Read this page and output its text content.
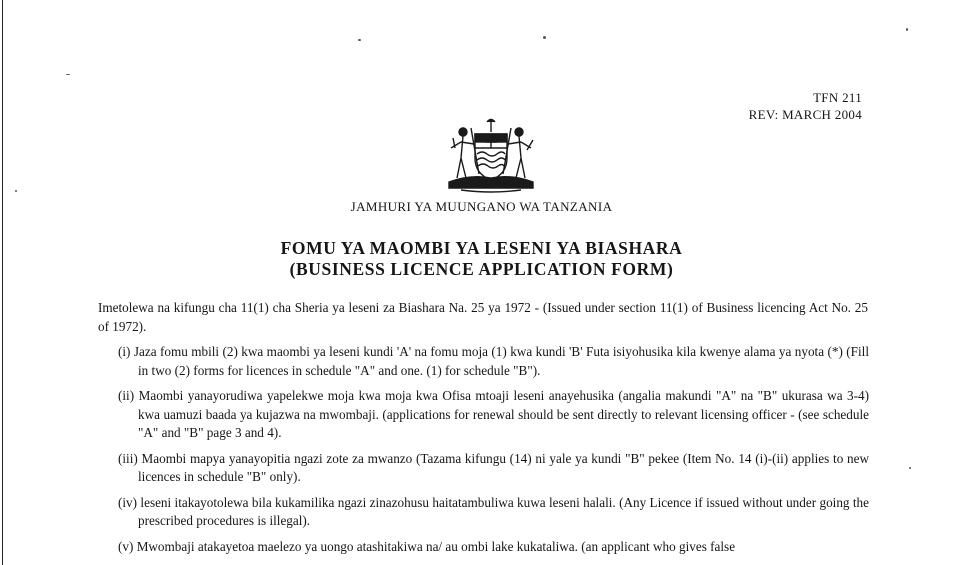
TFN 211
REV: MARCH 2004
JAMHURI YA MUUNGANO WA TANZANIA
FOMU YA MAOMBI YA LESENI YA BIASHARA
(BUSINESS LICENCE APPLICATION FORM)
Imetolewa na kifungu cha 11(1) cha Sheria ya leseni za Biashara Na. 25 ya 1972 - (Issued under section 11(1) of Business licencing Act No. 25 of 1972).
(i) Jaza fomu mbili (2) kwa maombi ya leseni kundi 'A' na fomu moja (1) kwa kundi 'B' Futa isiyohusika kila kwenye alama ya nyota (*) (Fill in two (2) forms for licences in schedule "A" and one. (1) for schedule "B").
(ii) Maombi yanayorudiwa yapelekwe moja kwa moja kwa Ofisa mtoaji leseni anayehusika (angalia makundi "A" na "B" ukurasa wa 3-4) kwa uamuzi baada ya kujazwa na mwombaji. (applications for renewal should be sent directly to relevant licensing officer - (see schedule "A" and "B" page 3 and 4).
(iii) Maombi mapya yanayopitia ngazi zote za mwanzo (Tazama kifungu (14) ni yale ya kundi "B" pekee (Item No. 14 (i)-(ii) applies to new licences in schedule "B" only).
(iv) leseni itakayotolewa bila kukamilika ngazi zinazohusu haitatambuliwa kuwa leseni halali. (Any Licence if issued without under going the prescribed procedures is illegal).
(v) Mwombaji atakayetoa maelezo ya uongo atashitakiwa na/ au ombi lake kukataliwa. (an applicant who gives false
